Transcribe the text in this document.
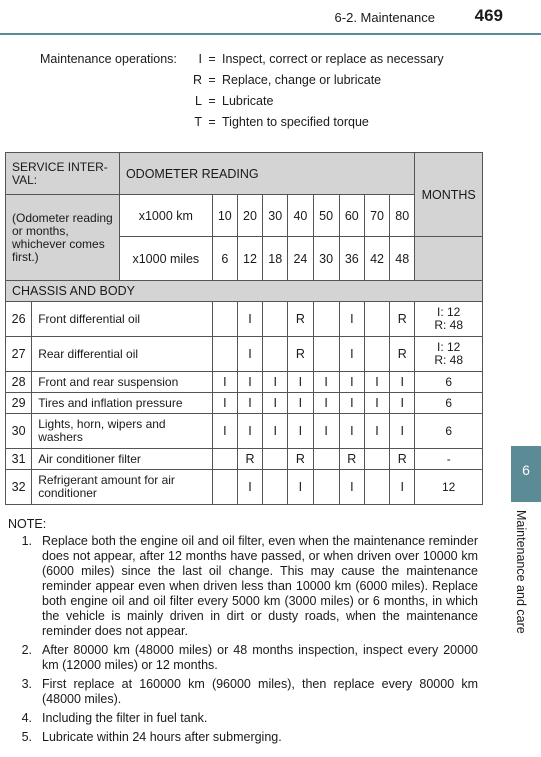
6-2. Maintenance 469
Maintenance operations:	I = Inspect, correct or replace as necessary
R = Replace, change or lubricate
L = Lubricate
T = Tighten to specified torque
SERVICE INTER-VAL:		ODOMETER READING									MONTHS
(Odometer reading or months, whichever comes first.)		x1000 km	10	20	30	40	50	60	70	80	
		x1000 miles	6	12	18	24	30	36	42	48	
CHASSIS AND BODY											
26	Front differential oil			I		R		I		R	I: 12
R: 48
27	Rear differential oil			I		R		I		R	I: 12
R: 48
28	Front and rear suspension		I	I	I	I	I	I	I	I	6
29	Tires and inflation pressure		I	I	I	I	I	I	I	I	6
30	Lights, horn, wipers and washers		I	I	I	I	I	I	I	I	6
31	Air conditioner filter			R		R		R		R	-
32	Refrigerant amount for air conditioner			I		I		I		I	12
6
Maintenance and care
NOTE:
1. Replace both the engine oil and oil filter, even when the maintenance reminder does not appear, after 12 months have passed, or when driven over 10000 km (6000 miles) since the last oil change. This may cause the maintenance reminder appear even when driven less than 10000 km (6000 miles). Replace both engine oil and oil filter every 5000 km (3000 miles) or 6 months, in which the vehicle is mainly driven in dirt or dusty roads, when the maintenance reminder does not appear.
2. After 80000 km (48000 miles) or 48 months inspection, inspect every 20000 km (12000 miles) or 12 months.
3. First replace at 160000 km (96000 miles), then replace every 80000 km (48000 miles).
4. Including the filter in fuel tank.
5. Lubricate within 24 hours after submerging.
